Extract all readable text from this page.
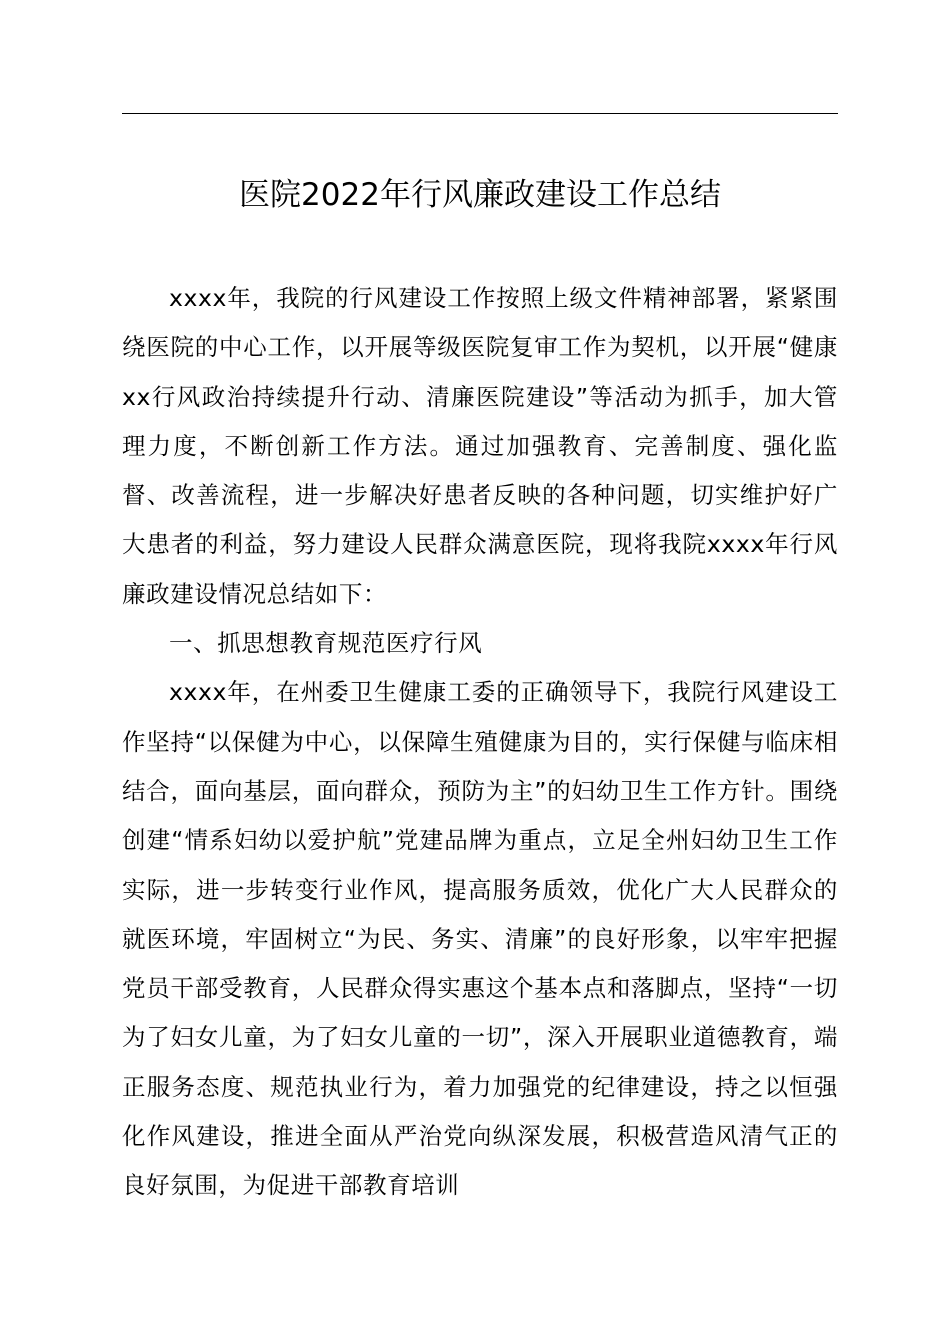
医院2022年行风廉政建设工作总结

xxxx年，我院的行风建设工作按照上级文件精神部署，紧紧围绕医院的中心工作，以开展等级医院复审工作为契机，以开展“健康xx行风政治持续提升行动、清廉医院建设”等活动为抓手，加大管理力度，不断创新工作方法。通过加强教育、完善制度、强化监督、改善流程，进一步解决好患者反映的各种问题，切实维护好广大患者的利益，努力建设人民群众满意医院，现将我院xxxx年行风廉政建设情况总结如下：

一、抓思想教育规范医疗行风

xxxx年，在州委卫生健康工委的正确领导下，我院行风建设工作坚持“以保健为中心，以保障生殖健康为目的，实行保健与临床相结合，面向基层，面向群众，预防为主”的妇幼卫生工作方针。围绕创建“情系妇幼以爱护航”党建品牌为重点，立足全州妇幼卫生工作实际，进一步转变行业作风，提高服务质效，优化广大人民群众的就医环境，牢固树立“为民、务实、清廉”的良好形象，以牢牢把握党员干部受教育，人民群众得实惠这个基本点和落脚点，坚持“一切为了妇女儿童，为了妇女儿童的一切”，深入开展职业道德教育，端正服务态度、规范执业行为，着力加强党的纪律建设，持之以恒强化作风建设，推进全面从严治党向纵深发展，积极营造风清气正的良好氛围，为促进干部教育培训
